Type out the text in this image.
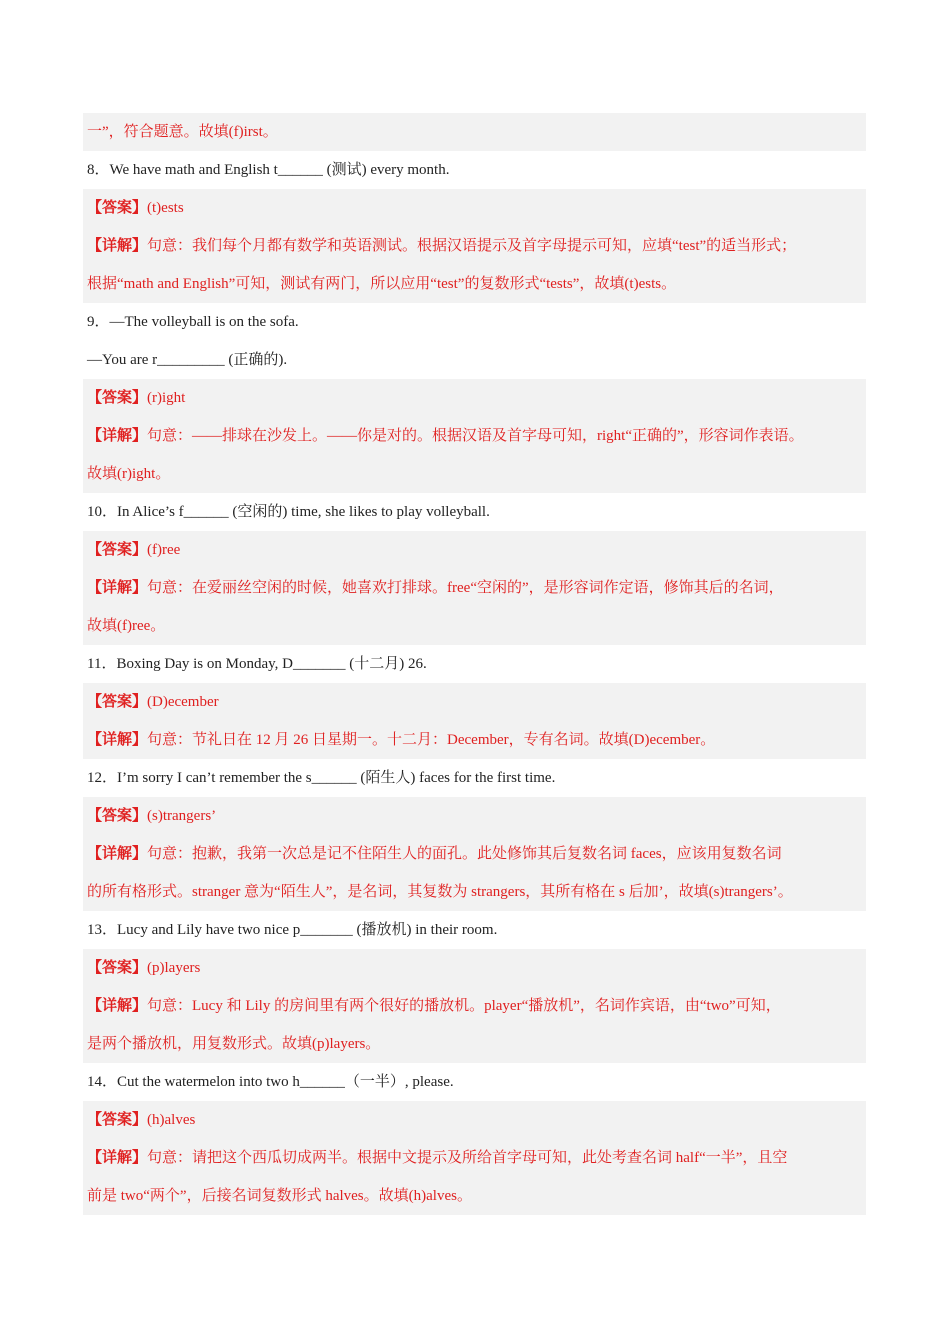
一”，符合题意。故填(f)irst。
8．We have math and English t______ (测试) every month.
【答案】(t)ests
【详解】句意：我们每个月都有数学和英语测试。根据汉语提示及首字母提示可知，应填“test”的适当形式；
根据“math and English”可知，测试有两门，所以应用“test”的复数形式“tests”，故填(t)ests。
9．—The volleyball is on the sofa.
—You are r_________ (正确的).
【答案】(r)ight
【详解】句意：——排球在沙发上。——你是对的。根据汉语及首字母可知，right“正确的”，形容词作表语。
故填(r)ight。
10．In Alice’s f______ (空闲的) time, she likes to play volleyball.
【答案】(f)ree
【详解】句意：在爱丽丝空闲的时候，她喜欢打排球。free“空闲的”，是形容词作定语，修饰其后的名词，
故填(f)ree。
11．Boxing Day is on Monday, D_______ (十二月) 26.
【答案】(D)ecember
【详解】句意：节礼日在 12 月 26 日星期一。十二月：December，专有名词。故填(D)ecember。
12．I’m sorry I can’t remember the s______ (陌生人) faces for the first time.
【答案】(s)trangers’
【详解】句意：抱歉，我第一次总是记不住陌生人的面孔。此处修饰其后复数名词 faces，应该用复数名词
的所有格形式。stranger 意为“陌生人”，是名词，其复数为 strangers，其所有格在 s 后加’，故填(s)trangers’。
13．Lucy and Lily have two nice p_______ (播放机) in their room.
【答案】(p)layers
【详解】句意：Lucy 和 Lily 的房间里有两个很好的播放机。player“播放机”，名词作宾语，由“two”可知，
是两个播放机，用复数形式。故填(p)layers。
14．Cut the watermelon into two h______（一半）, please.
【答案】(h)alves
【详解】句意：请把这个西瓜切成两半。根据中文提示及所给首字母可知，此处考查名词 half“一半”，且空
前是 two“两个”，后接名词复数形式 halves。故填(h)alves。
